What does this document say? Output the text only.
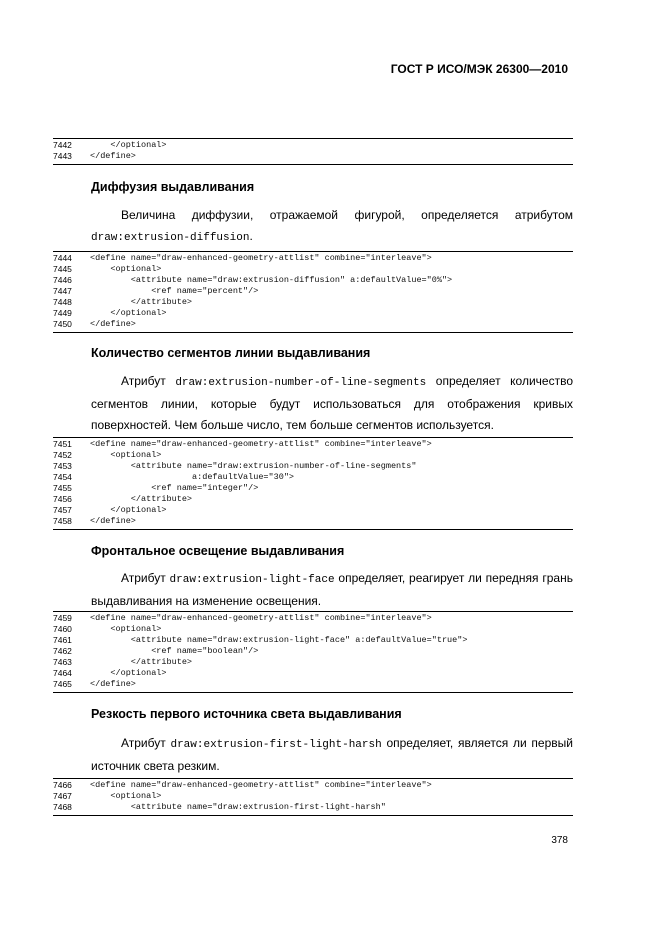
ГОСТ Р ИСО/МЭК 26300—2010
7442	</optional>
7443	</define>
Диффузия выдавливания
Величина диффузии, отражаемой фигурой, определяется атрибутом draw:extrusion-diffusion.
7444	<define name="draw-enhanced-geometry-attlist" combine="interleave">
7445	<optional>
7446	<attribute name="draw:extrusion-diffusion" a:defaultValue="0%">
7447	<ref name="percent"/>
7448	</attribute>
7449	</optional>
7450	</define>
Количество сегментов линии выдавливания
Атрибут draw:extrusion-number-of-line-segments определяет количество сегментов линии, которые будут использоваться для отображения кривых поверхностей. Чем больше число, тем больше сегментов используется.
7451	<define name="draw-enhanced-geometry-attlist" combine="interleave">
7452	<optional>
7453	<attribute name="draw:extrusion-number-of-line-segments"
7454	a:defaultValue="30">
7455	<ref name="integer"/>
7456	</attribute>
7457	</optional>
7458	</define>
Фронтальное освещение выдавливания
Атрибут draw:extrusion-light-face определяет, реагирует ли передняя грань выдавливания на изменение освещения.
7459	<define name="draw-enhanced-geometry-attlist" combine="interleave">
7460	<optional>
7461	<attribute name="draw:extrusion-light-face" a:defaultValue="true">
7462	<ref name="boolean"/>
7463	</attribute>
7464	</optional>
7465	</define>
Резкость первого источника света выдавливания
Атрибут draw:extrusion-first-light-harsh определяет, является ли первый источник света резким.
7466	<define name="draw-enhanced-geometry-attlist" combine="interleave">
7467	<optional>
7468	<attribute name="draw:extrusion-first-light-harsh"
378
